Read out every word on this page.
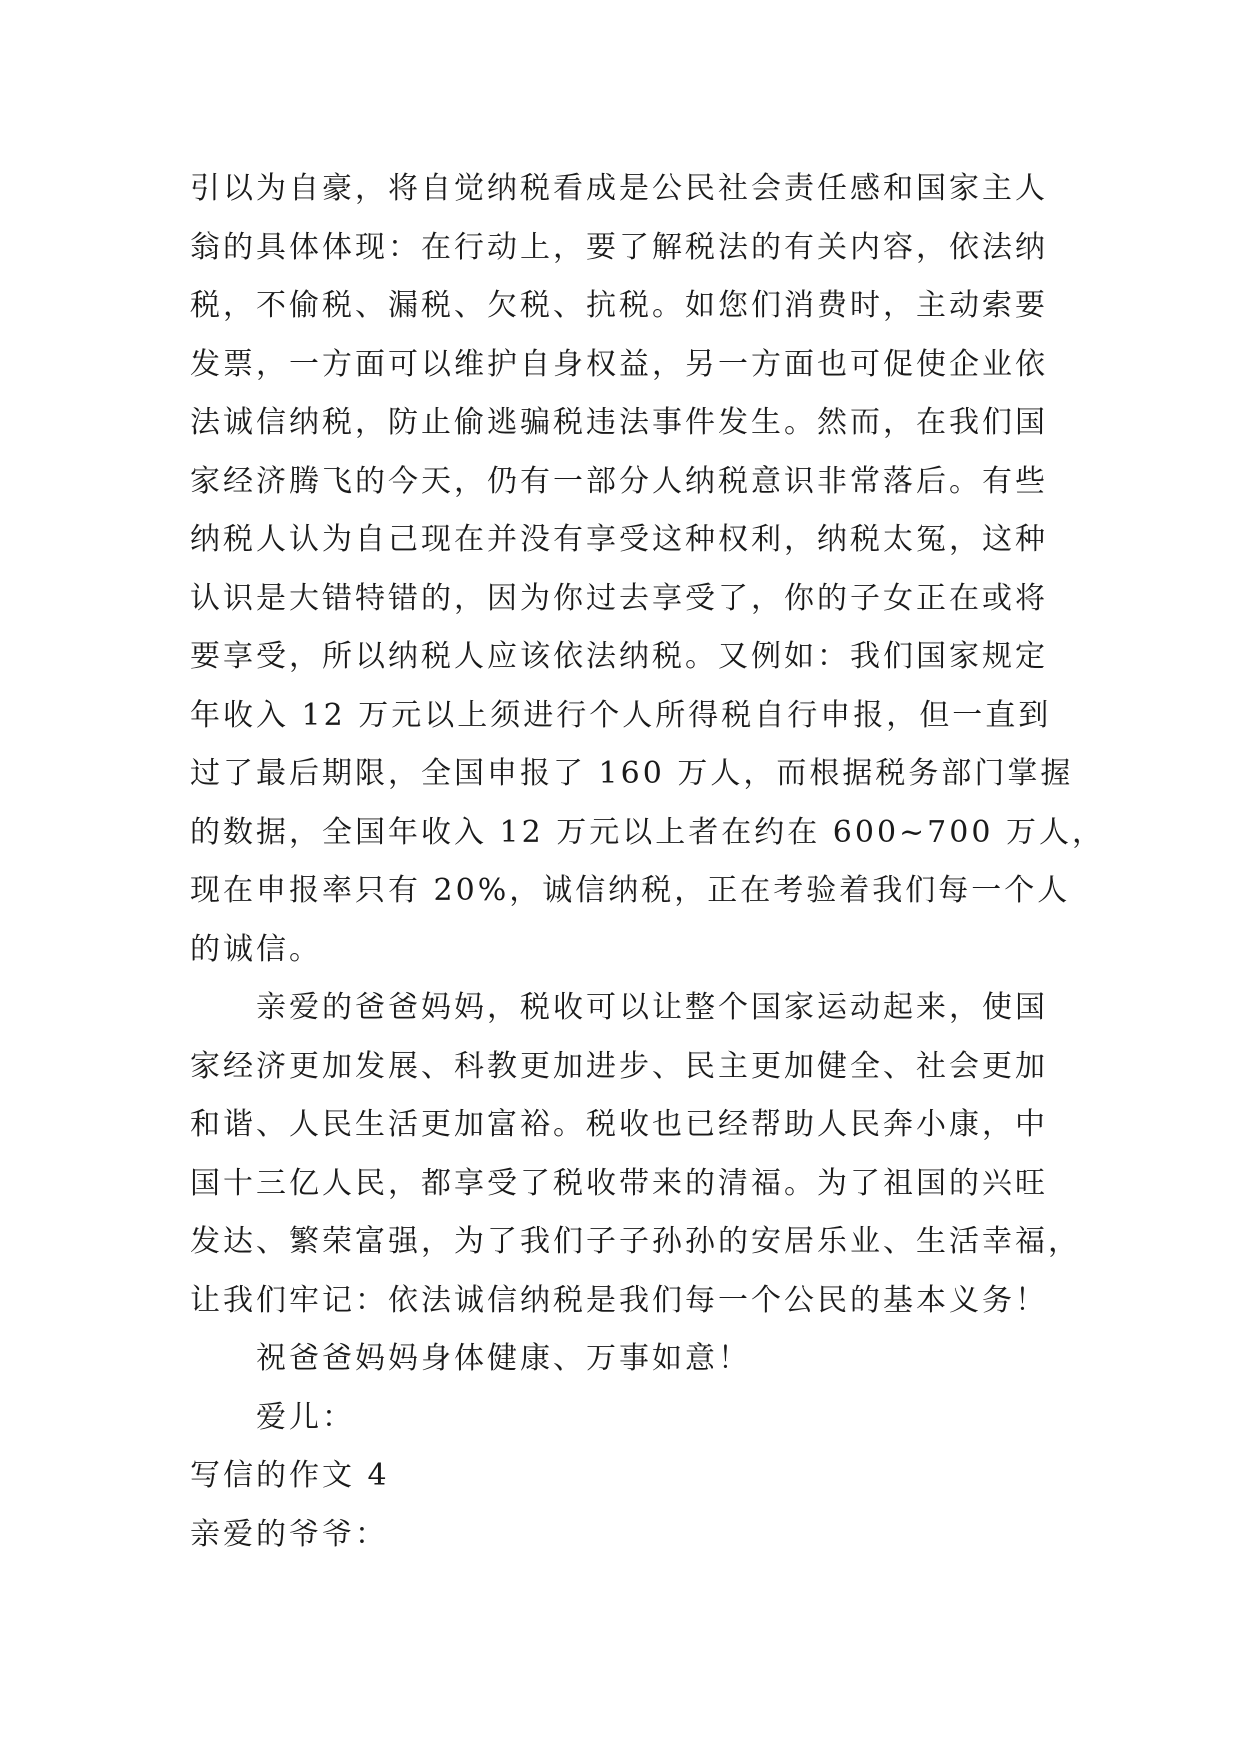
引以为自豪，将自觉纳税看成是公民社会责任感和国家主人
翁的具体体现：在行动上，要了解税法的有关内容，依法纳
税，不偷税、漏税、欠税、抗税。如您们消费时，主动索要
发票，一方面可以维护自身权益，另一方面也可促使企业依
法诚信纳税，防止偷逃骗税违法事件发生。然而，在我们国
家经济腾飞的今天，仍有一部分人纳税意识非常落后。有些
纳税人认为自己现在并没有享受这种权利，纳税太冤，这种
认识是大错特错的，因为你过去享受了，你的子女正在或将
要享受，所以纳税人应该依法纳税。又例如：我们国家规定
年收入 12 万元以上须进行个人所得税自行申报，但一直到
过了最后期限，全国申报了 160 万人，而根据税务部门掌握
的数据，全国年收入 12 万元以上者在约在 600~700 万人，
现在申报率只有 20%，诚信纳税，正在考验着我们每一个人
的诚信。
亲爱的爸爸妈妈，税收可以让整个国家运动起来，使国
家经济更加发展、科教更加进步、民主更加健全、社会更加
和谐、人民生活更加富裕。税收也已经帮助人民奔小康，中
国十三亿人民，都享受了税收带来的清福。为了祖国的兴旺
发达、繁荣富强，为了我们子子孙孙的安居乐业、生活幸福，
让我们牢记：依法诚信纳税是我们每一个公民的基本义务！
祝爸爸妈妈身体健康、万事如意！
爱儿：
写信的作文 4
亲爱的爷爷：
